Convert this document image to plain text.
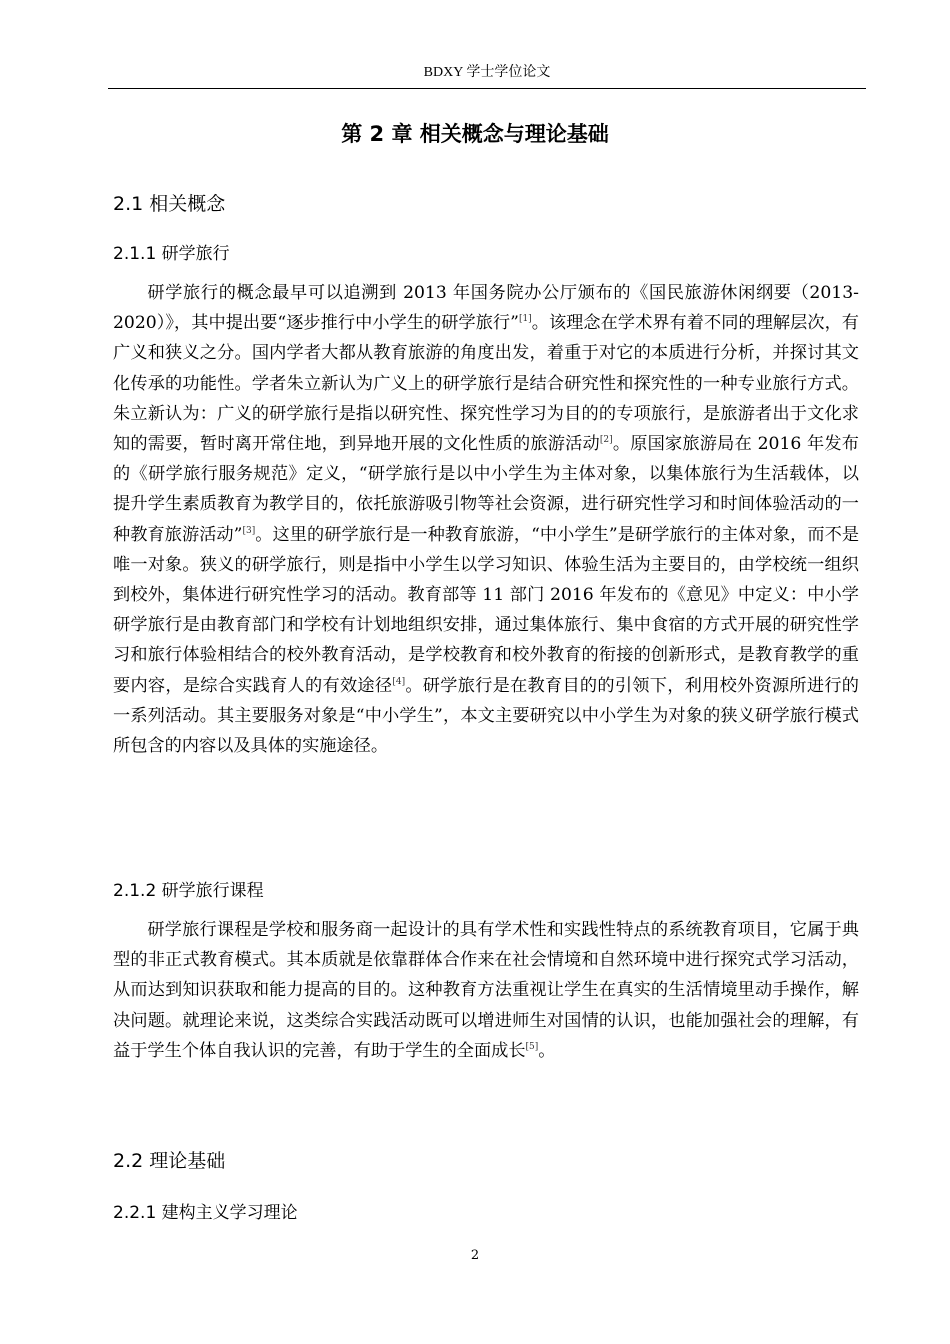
BDXY 学士学位论文
第 2 章 相关概念与理论基础
2.1 相关概念
2.1.1 研学旅行

研学旅行的概念最早可以追溯到 2013 年国务院办公厅颁布的《国民旅游休闲纲要（2013-2020）》，其中提出要“逐步推行中小学生的研学旅行”[1]。该理念在学术界有着不同的理解层次，有广义和狭义之分。国内学者大都从教育旅游的角度出发，着重于对它的本质进行分析，并探讨其文化传承的功能性。学者朱立新认为广义上的研学旅行是结合研究性和探究性的一种专业旅行方式。朱立新认为：广义的研学旅行是指以研究性、探究性学习为目的的专项旅行，是旅游者出于文化求知的需要，暂时离开常住地，到异地开展的文化性质的旅游活动[2]。原国家旅游局在 2016 年发布的《研学旅行服务规范》定义，“研学旅行是以中小学生为主体对象，以集体旅行为生活载体，以提升学生素质教育为教学目的，依托旅游吸引物等社会资源，进行研究性学习和时间体验活动的一种教育旅游活动”[3]。这里的研学旅行是一种教育旅游，“中小学生”是研学旅行的主体对象，而不是唯一对象。狭义的研学旅行，则是指中小学生以学习知识、体验生活为主要目的，由学校统一组织到校外，集体进行研究性学习的活动。教育部等 11 部门 2016 年发布的《意见》中定义：中小学研学旅行是由教育部门和学校有计划地组织安排，通过集体旅行、集中食宿的方式开展的研究性学习和旅行体验相结合的校外教育活动，是学校教育和校外教育的衔接的创新形式，是教育教学的重要内容，是综合实践育人的有效途径[4]。研学旅行是在教育目的的引领下，利用校外资源所进行的一系列活动。其主要服务对象是“中小学生”，本文主要研究以中小学生为对象的狭义研学旅行模式所包含的内容以及具体的实施途径。

2.1.2 研学旅行课程

研学旅行课程是学校和服务商一起设计的具有学术性和实践性特点的系统教育项目，它属于典型的非正式教育模式。其本质就是依靠群体合作来在社会情境和自然环境中进行探究式学习活动，从而达到知识获取和能力提高的目的。这种教育方法重视让学生在真实的生活情境里动手操作，解决问题。就理论来说，这类综合实践活动既可以增进师生对国情的认识，也能加强社会的理解，有益于学生个体自我认识的完善，有助于学生的全面成长[5]。

2.2 理论基础
2.2.1 建构主义学习理论
2
